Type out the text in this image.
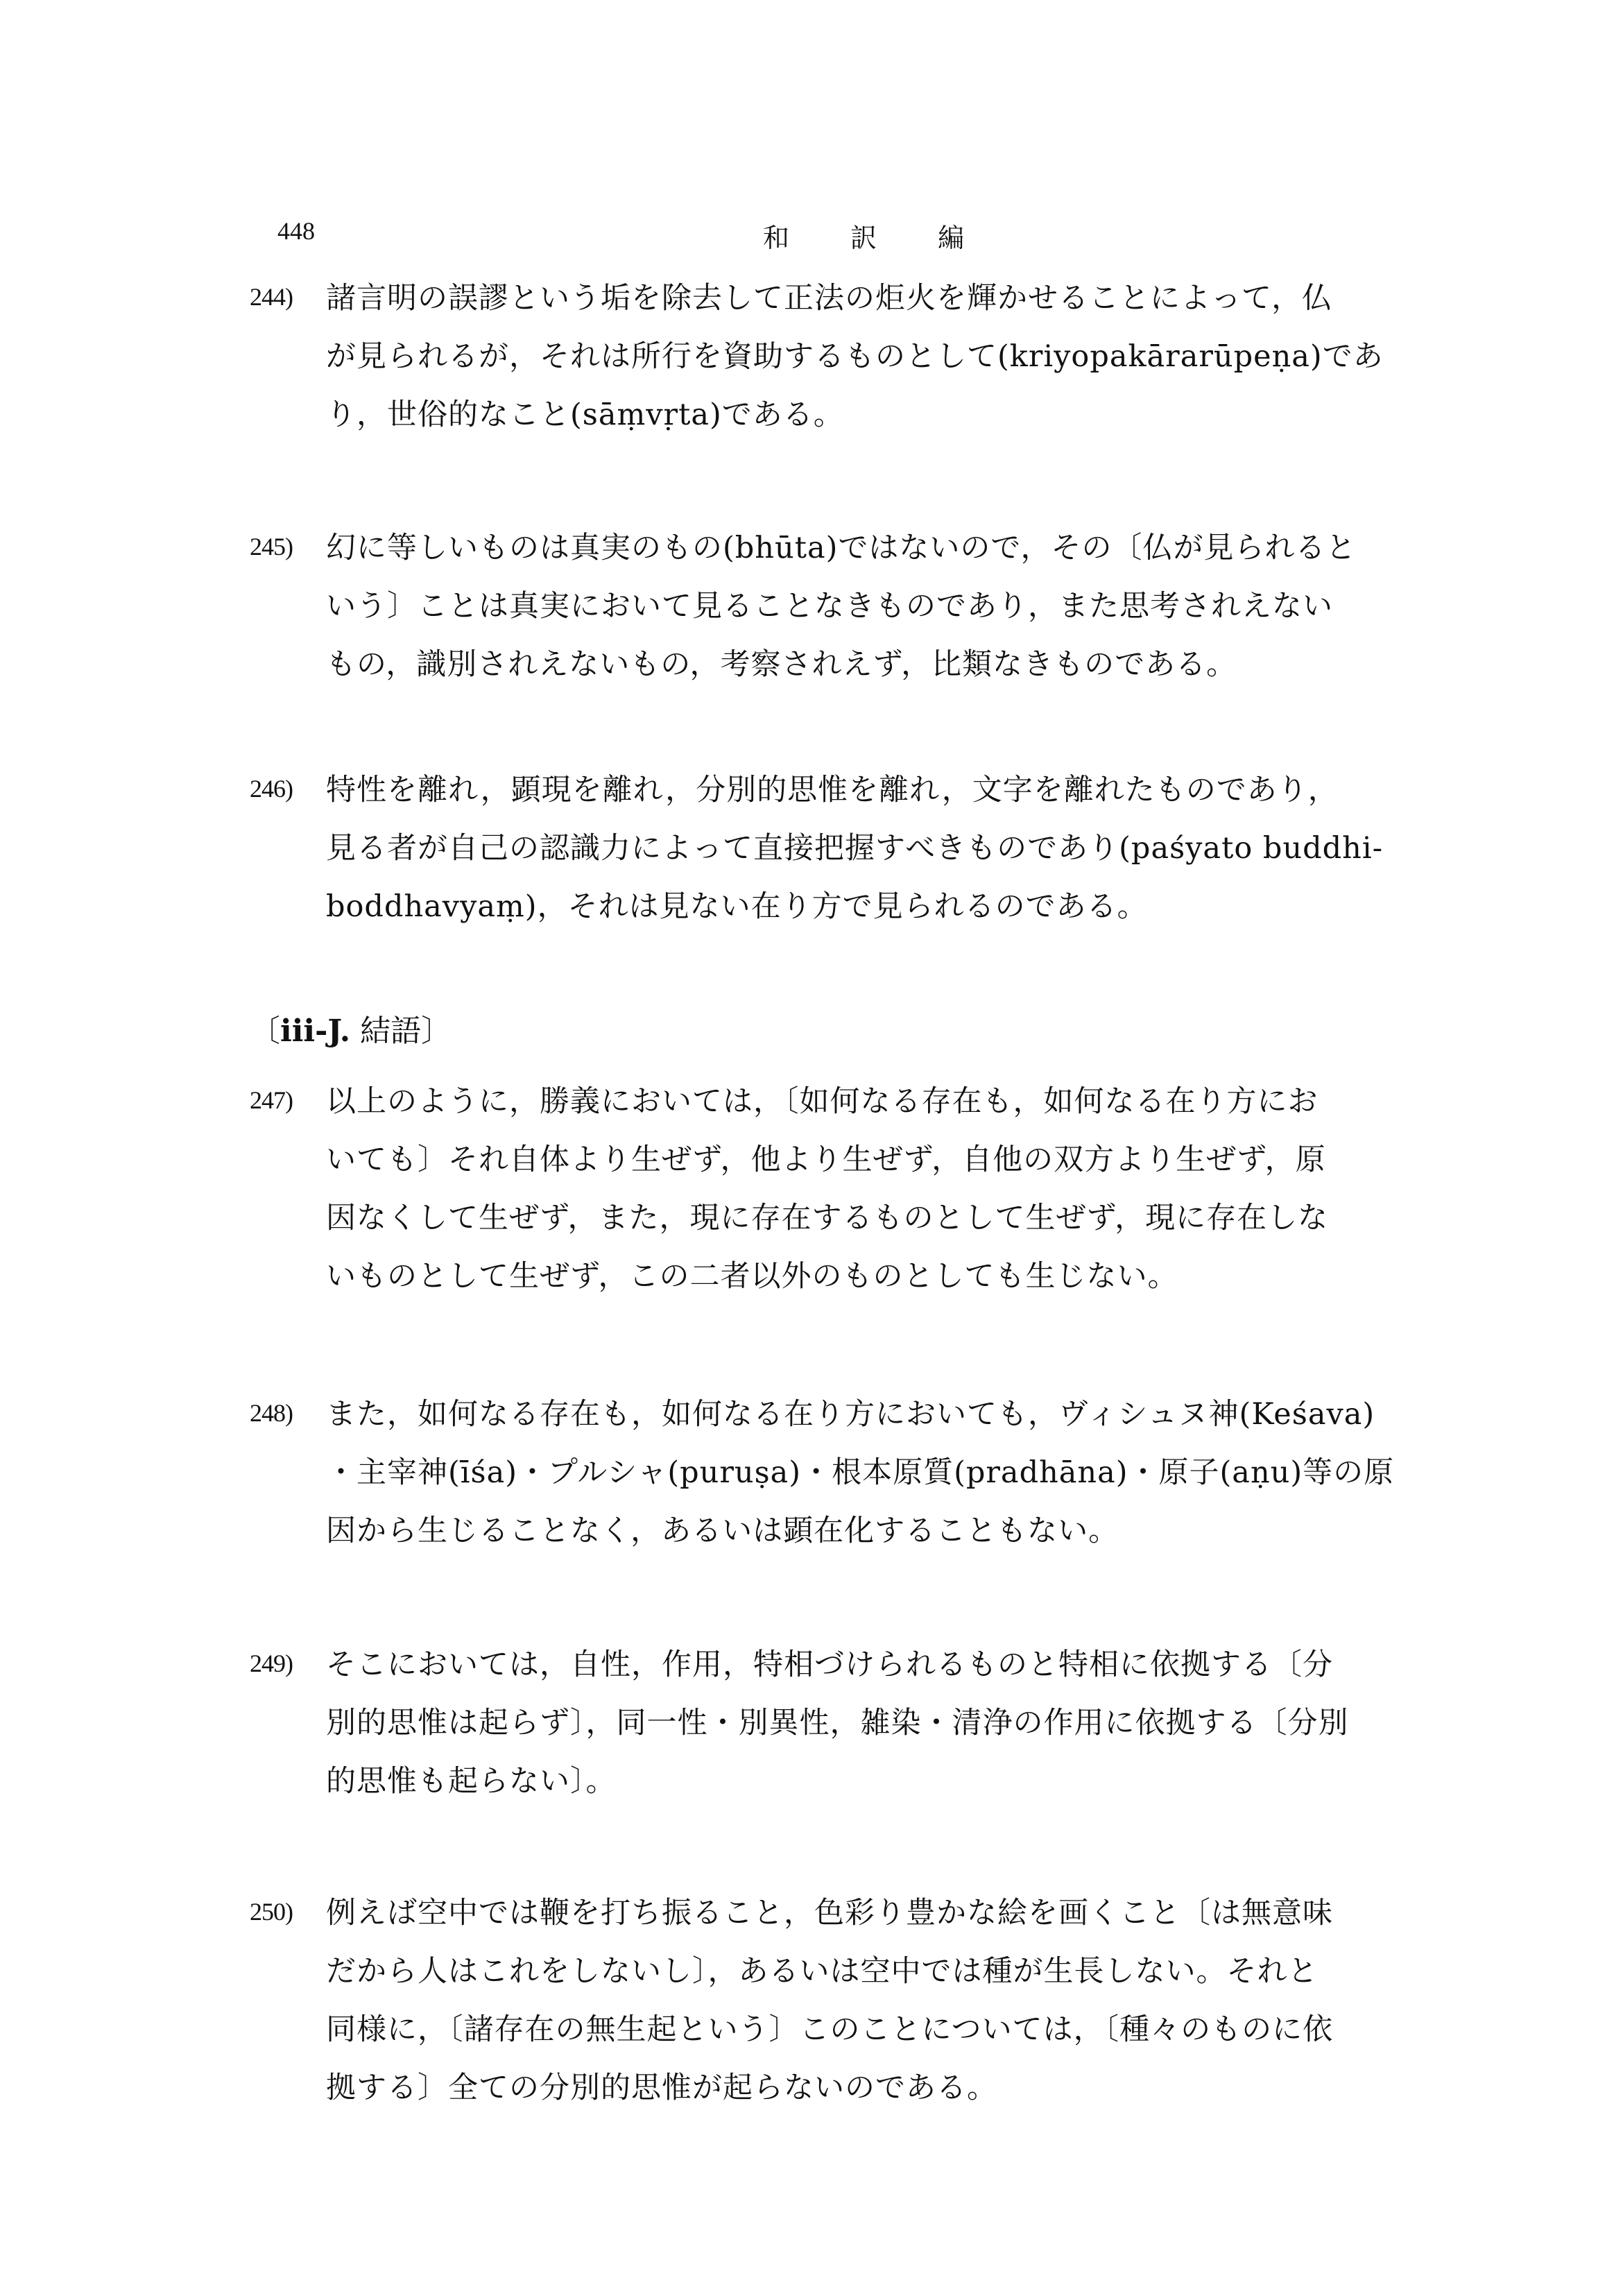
448	和 訳 編
244) 諸言明の誤謬という垢を除去して正法の炬火を輝かせることによって，仏
が見られるが，それは所行を資助するものとして(kriyopakārarūpeṇa)であ
り，世俗的なこと(sāṃvṛta)である。
245) 幻に等しいものは真実のもの(bhūta)ではないので，その〔仏が見られると
いう〕ことは真実において見ることなきものであり，また思考されえない
もの，識別されえないもの，考察されえず，比類なきものである。
246) 特性を離れ，顕現を離れ，分別的思惟を離れ，文字を離れたものであり，
見る者が自己の認識力によって直接把握すべきものであり(paśyato buddhi-
boddhavyaṃ)，それは見ない在り方で見られるのである。
〔iii-J. 結語〕
247) 以上のように，勝義においては，〔如何なる存在も，如何なる在り方にお
いても〕それ自体より生ぜず，他より生ぜず，自他の双方より生ぜず，原
因なくして生ぜず，また，現に存在するものとして生ぜず，現に存在しな
いものとして生ぜず，この二者以外のものとしても生じない。
248) また，如何なる存在も，如何なる在り方においても，ヴィシュヌ神(Keśava)
・主宰神(īśa)・プルシャ(puruṣa)・根本原質(pradhāna)・原子(aṇu)等の原
因から生じることなく，あるいは顕在化することもない。
249) そこにおいては，自性，作用，特相づけられるものと特相に依拠する〔分
別的思惟は起らず〕，同一性・別異性，雑染・清浄の作用に依拠する〔分別
的思惟も起らない〕。
250) 例えば空中では鞭を打ち振ること，色彩り豊かな絵を画くこと〔は無意味
だから人はこれをしないし〕，あるいは空中では種が生長しない。それと
同様に，〔諸存在の無生起という〕このことについては，〔種々のものに依
拠する〕全ての分別的思惟が起らないのである。
